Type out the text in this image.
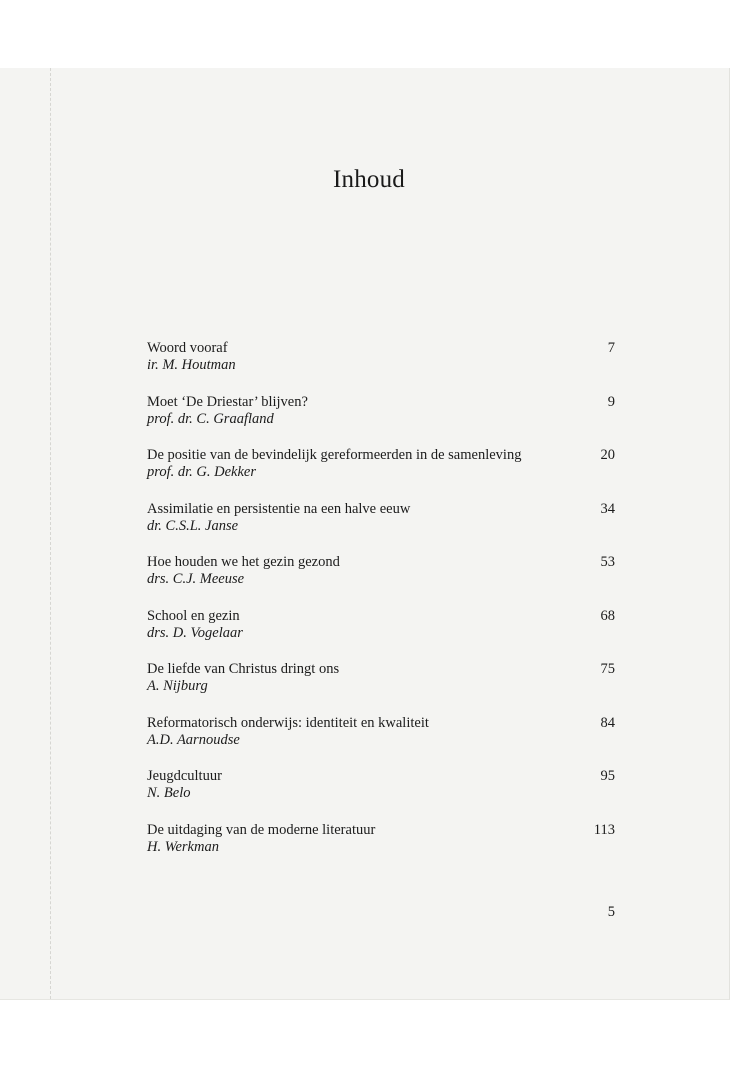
Inhoud
Woord vooraf
ir. M. Houtman
7
Moet ‘De Driestar’ blijven?
prof. dr. C. Graafland
9
De positie van de bevindelijk gereformeerden in de samenleving
prof. dr. G. Dekker
20
Assimilatie en persistentie na een halve eeuw
dr. C.S.L. Janse
34
Hoe houden we het gezin gezond
drs. C.J. Meeuse
53
School en gezin
drs. D. Vogelaar
68
De liefde van Christus dringt ons
A. Nijburg
75
Reformatorisch onderwijs: identiteit en kwaliteit
A.D. Aarnoudse
84
Jeugdcultuur
N. Belo
95
De uitdaging van de moderne literatuur
H. Werkman
113
5
